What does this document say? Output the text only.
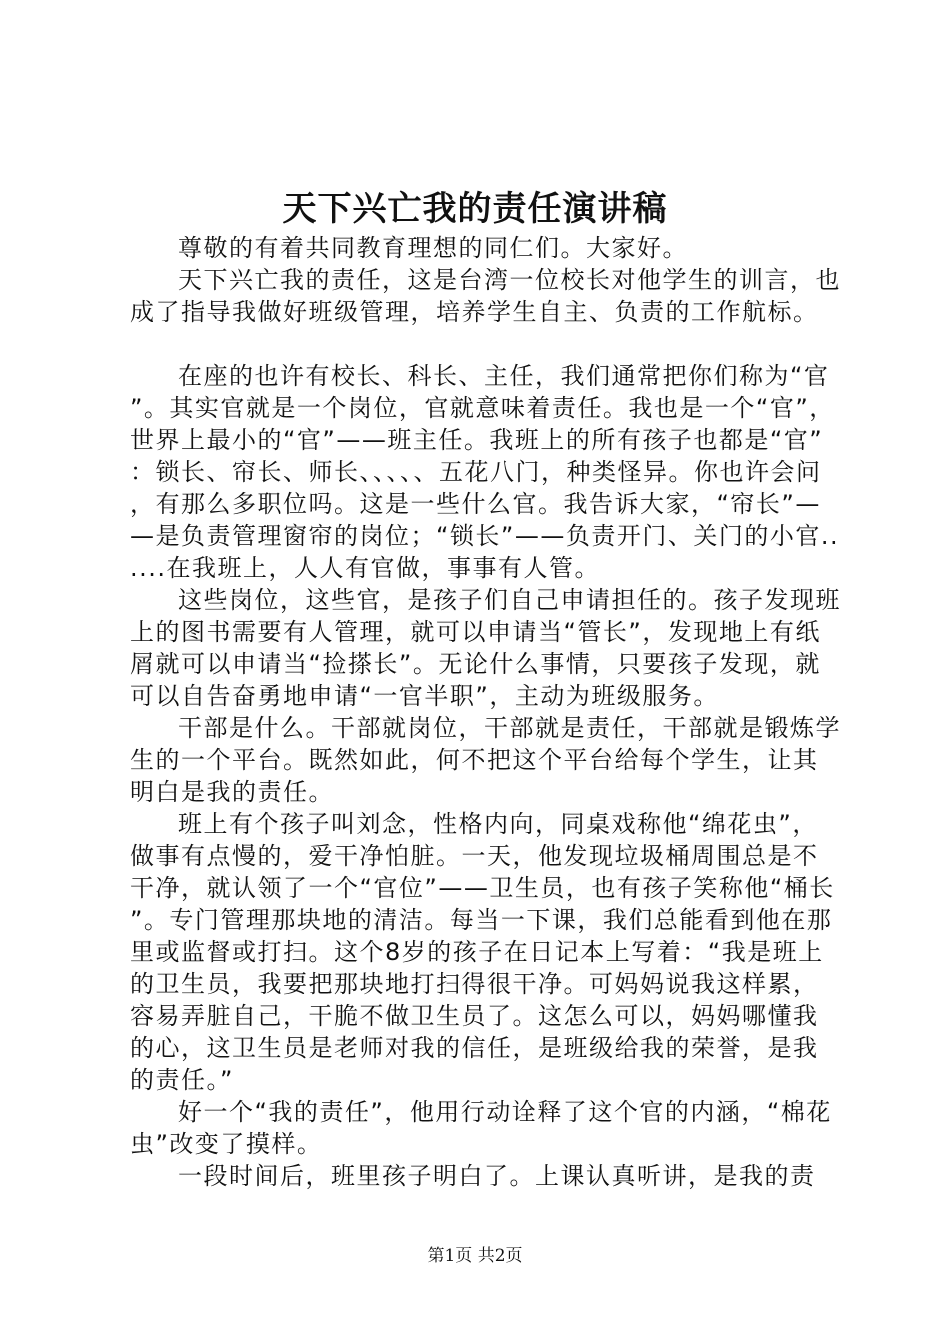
天下兴亡我的责任演讲稿

尊敬的有着共同教育理想的同仁们。大家好。

天下兴亡我的责任，这是台湾一位校长对他学生的训言，也成了指导我做好班级管理，培养学生自主、负责的工作航标。

在座的也许有校长、科长、主任，我们通常把你们称为“官”。其实官就是一个岗位，官就意味着责任。我也是一个“官”，世界上最小的“官”——班主任。我班上的所有孩子也都是“官”：锁长、帘长、师长、、、、、五花八门，种类怪异。你也许会问，有那么多职位吗。这是一些什么官。我告诉大家，“帘长”——是负责管理窗帘的岗位；“锁长”——负责开门、关门的小官......在我班上，人人有官做，事事有人管。

这些岗位，这些官，是孩子们自己申请担任的。孩子发现班上的图书需要有人管理，就可以申请当“管长”，发现地上有纸屑就可以申请当“捡搽长”。无论什么事情，只要孩子发现，就可以自告奋勇地申请“一官半职”，主动为班级服务。

干部是什么。干部就岗位，干部就是责任，干部就是锻炼学生的一个平台。既然如此，何不把这个平台给每个学生，让其明白是我的责任。

班上有个孩子叫刘念，性格内向，同桌戏称他“绵花虫”，做事有点慢的，爱干净怕脏。一天，他发现垃圾桶周围总是不干净，就认领了一个“官位”——卫生员，也有孩子笑称他“桶长”。专门管理那块地的清洁。每当一下课，我们总能看到他在那里或监督或打扫。这个8岁的孩子在日记本上写着：“我是班上的卫生员，我要把那块地打扫得很干净。可妈妈说我这样累，容易弄脏自己，干脆不做卫生员了。这怎么可以，妈妈哪懂我的心，这卫生员是老师对我的信任，是班级给我的荣誉，是我的责任。”

好一个“我的责任”，他用行动诠释了这个官的内涵，“棉花虫”改变了摸样。

一段时间后，班里孩子明白了。上课认真听讲，是我的责

第1页 共2页
